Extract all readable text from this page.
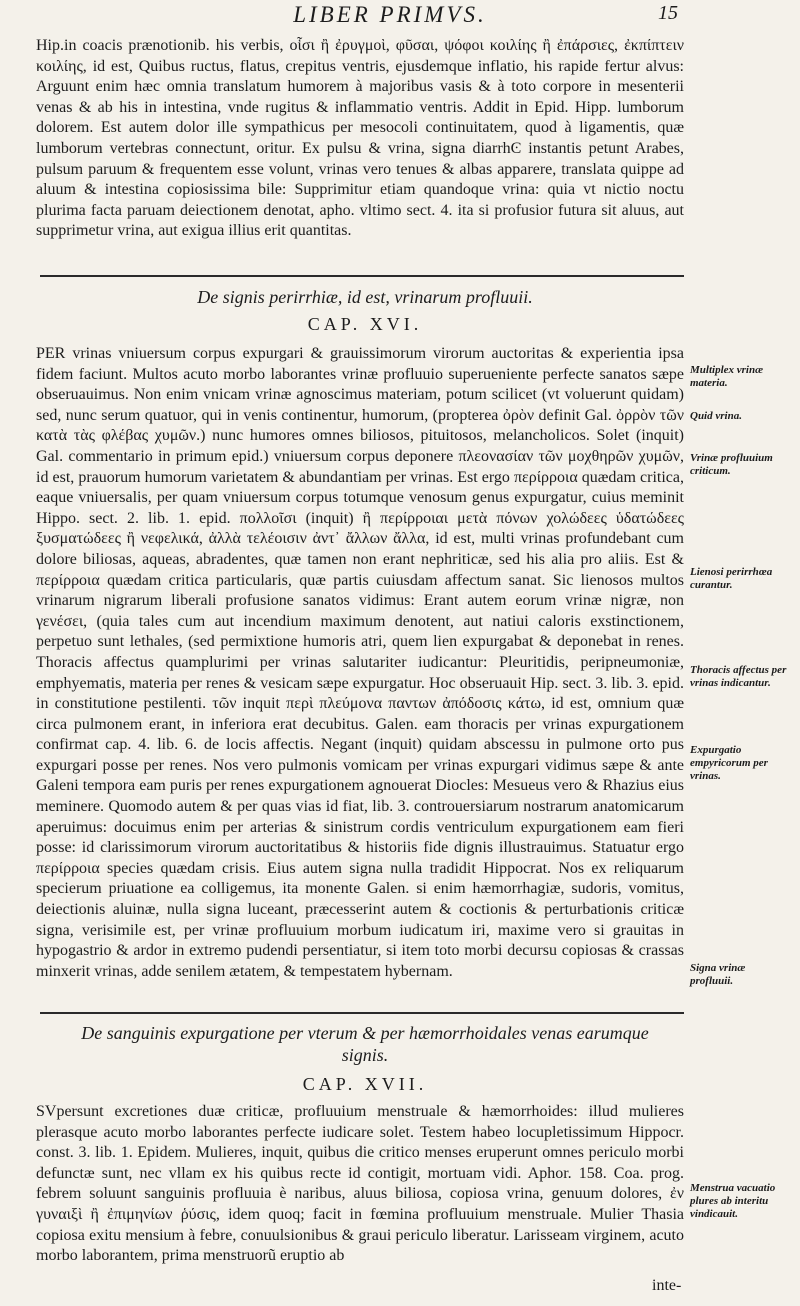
LIBER PRIMVS.	15

Hip.in coacis prænotionib. his verbis, οἷσι ἢ ἐρυγμοὶ, φῦσαι, ψόφοι κοιλίης ἢ ἐπάρσιες, ἐκπίπτειν κοιλίης, id est, Quibus ructus, flatus, crepitus ventris, ejusdemque inflatio, his rapide fertur alvus: Arguunt enim hæc omnia translatum humorem à majoribus vasis & à toto corpore in mesenterii venas & ab his in intestina, vnde rugitus & inflammatio ventris. Addit in Epid. Hipp. lumborum dolorem. Est autem dolor ille sympathicus per mesocoli continuitatem, quod à ligamentis, quæ lumborum vertebras connectunt, oritur. Ex pulsu & vrina, signa diarrhϾ instantis petunt Arabes, pulsum paruum & frequentem esse volunt, vrinas vero tenues & albas apparere, translata quippe ad aluum & intestina copiosissima bile: Supprimitur etiam quandoque vrina: quia vt nictio noctu plurima facta paruam deiectionem denotat, apho. vltimo sect. 4. ita si profusior futura sit aluus, aut supprimetur vrina, aut exigua illius erit quantitas.

De signis perirrhiæ, id est, vrinarum profluuii.
CAP. XVI.

PER vrinas vniuersum corpus expurgari & grauissimorum virorum auctoritas & experientia ipsa fidem faciunt. Multos acuto morbo laborantes vrinæ profluuio superueniente perfecte sanatos sæpe obseruauimus. Non enim vnicam vrinæ agnoscimus materiam, potum scilicet (vt voluerunt quidam) sed, nunc serum quatuor, qui in venis continentur, humorum, (propterea ὀρὸν definit Gal. ὀρρὸν τῶν κατὰ τὰς φλέβας χυμῶν.) nunc humores omnes biliosos, pituitosos, melancholicos. Solet (inquit) Gal. commentario in primum epid.) vniuersum corpus deponere πλεονασίαν τῶν μοχθηρῶν χυμῶν, id est, prauorum humorum varietatem & abundantiam per vrinas. Est ergo περίρροια quædam critica, eaque vniuersalis, per quam vniuersum corpus totumque venosum genus expurgatur, cuius meminit Hippo. sect. 2. lib. 1. epid. πολλοῖσι (inquit) ἢ περίρροιαι μετὰ πόνων χολώδεες ὑδατώδεες ξυσματώδεες ἢ νεφελικά, ἀλλὰ τελέοισιν ἀντ᾽ ἄλλων ἄλλα, id est, multi vrinas profundebant cum dolore biliosas, aqueas, abradentes, quæ tamen non erant nephriticæ, sed his alia pro aliis. Est & περίρροια quædam critica particularis, quæ partis cuiusdam affectum sanat. Sic lienosos multos vrinarum nigrarum liberali profusione sanatos vidimus: Erant autem eorum vrinæ nigræ, non γενέσει, (quia tales cum aut incendium maximum denotent, aut natiui caloris exstinctionem, perpetuo sunt lethales, (sed permixtione humoris atri, quem lien expurgabat & deponebat in renes. Thoracis affectus quamplurimi per vrinas salutariter iudicantur: Pleuritidis, peripneumoniæ, emphyematis, materia per renes & vesicam sæpe expurgatur. Hoc obseruauit Hip. sect. 3. lib. 3. epid. in constitutione pestilenti. τῶν inquit περὶ πλεύμονα παντων ἀπόδοσις κάτω, id est, omnium quæ circa pulmonem erant, in inferiora erat decubitus. Galen. eam thoracis per vrinas expurgationem confirmat cap. 4. lib. 6. de locis affectis. Negant (inquit) quidam abscessu in pulmone orto pus expurgari posse per renes. Nos vero pulmonis vomicam per vrinas expurgari vidimus sæpe & ante Galeni tempora eam puris per renes expurgationem agnouerat Diocles: Mesueus vero & Rhazius eius meminere. Quomodo autem & per quas vias id fiat, lib. 3. controuersiarum nostrarum anatomicarum aperuimus: docuimus enim per arterias & sinistrum cordis ventriculum expurgationem eam fieri posse: id clarissimorum virorum auctoritatibus & historiis fide dignis illustrauimus. Statuatur ergo περίρροια species quædam crisis. Eius autem signa nulla tradidit Hippocrat. Nos ex reliquarum specierum priuatione ea colligemus, ita monente Galen. si enim hæmorrhagiæ, sudoris, vomitus, deiectionis aluinæ, nulla signa luceant, præcesserint autem & coctionis & perturbationis criticæ signa, verisimile est, per vrinæ profluuium morbum iudicatum iri, maxime vero si grauitas in hypogastrio & ardor in extremo pudendi persentiatur, si item toto morbi decursu copiosas & crassas minxerit vrinas, adde senilem ætatem, & tempestatem hybernam.

De sanguinis expurgatione per vterum & per hæmorrhoidales venas earumque signis.
CAP. XVII.

SVpersunt excretiones duæ criticæ, profluuium menstruale & hæmorrhoides: illud mulieres plerasque acuto morbo laborantes perfecte iudicare solet. Testem habeo locupletissimum Hippocr. const. 3. lib. 1. Epidem. Mulieres, inquit, quibus die critico menses eruperunt omnes periculo morbi defunctæ sunt, nec vllam ex his quibus recte id contigit, mortuam vidi. Aphor. 158. Coa. prog. febrem soluunt sanguinis profluuia è naribus, aluus biliosa, copiosa vrina, genuum dolores, ἐν γυναιξὶ ἢ ἐπιμηνίων ῥύσις, idem quoq; facit in fœmina profluuium menstruale. Mulier Thasia copiosa exitu mensium à febre, conuulsionibus & graui periculo liberatur. Larisseam virginem, acuto morbo laborantem, prima menstruorũ eruptio ab

inte-
Multiplex vrinæ materia.
Quid vrina.
Vrinæ profluuium criticum.
Lienosi perirrhœa curantur.
Thoracis affectus per vrinas indicantur.
Expurgatio empyricorum per vrinas.
Signa vrinæ profluuii.
Menstrua vacuatio plures ab interitu vindicauit.
